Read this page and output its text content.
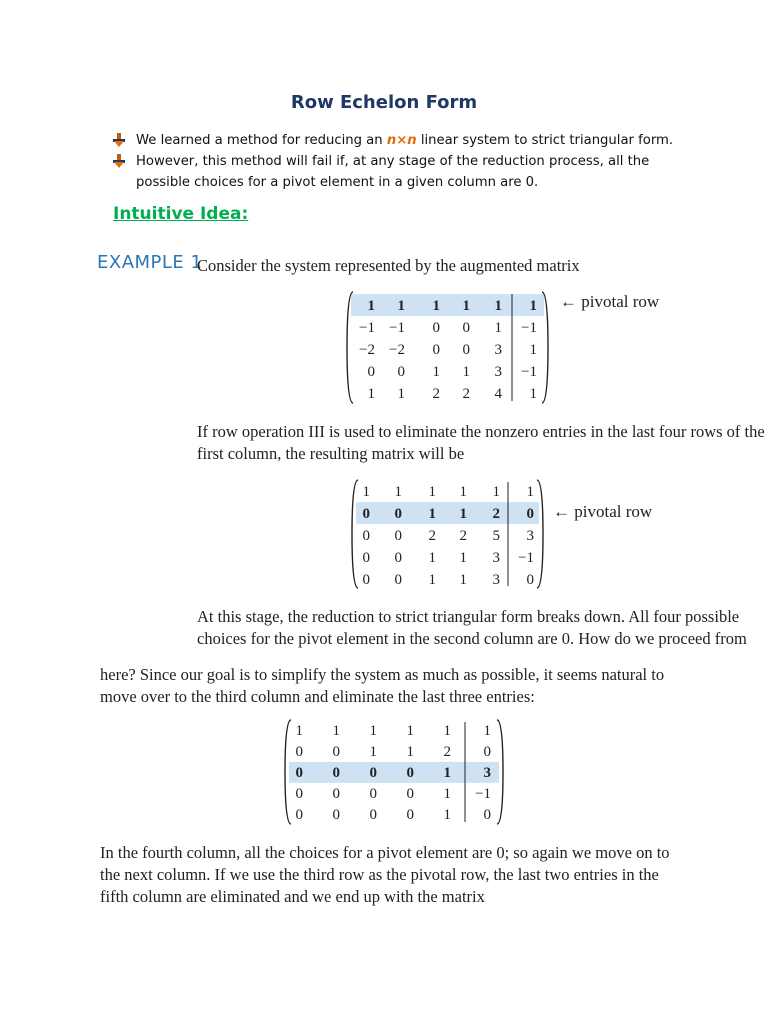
Row Echelon Form
We learned a method for reducing an n×n linear system to strict triangular form.
However, this method will fail if, at any stage of the reduction process, all the
possible choices for a pivot element in a given column are 0.
Intuitive Idea:
EXAMPLE 1
Consider the system represented by the augmented matrix
1 1 1 1 1 1
−1 −1 0 0 1 −1
−2 −2 0 0 3 1
0 0 1 1 3 −1
1 1 2 2 4 1
← pivotal row
If row operation III is used to eliminate the nonzero entries in the last four rows of the
first column, the resulting matrix will be
1 1 1 1 1 1
0 0 1 1 2 0
0 0 2 2 5 3
0 0 1 1 3 −1
0 0 1 1 3 0
← pivotal row
At this stage, the reduction to strict triangular form breaks down. All four possible
choices for the pivot element in the second column are 0. How do we proceed from
here? Since our goal is to simplify the system as much as possible, it seems natural to
move over to the third column and eliminate the last three entries:
1 1 1 1 1 1
0 0 1 1 2 0
0 0 0 0 1 3
0 0 0 0 1 −1
0 0 0 0 1 0
In the fourth column, all the choices for a pivot element are 0; so again we move on to
the next column. If we use the third row as the pivotal row, the last two entries in the
fifth column are eliminated and we end up with the matrix
